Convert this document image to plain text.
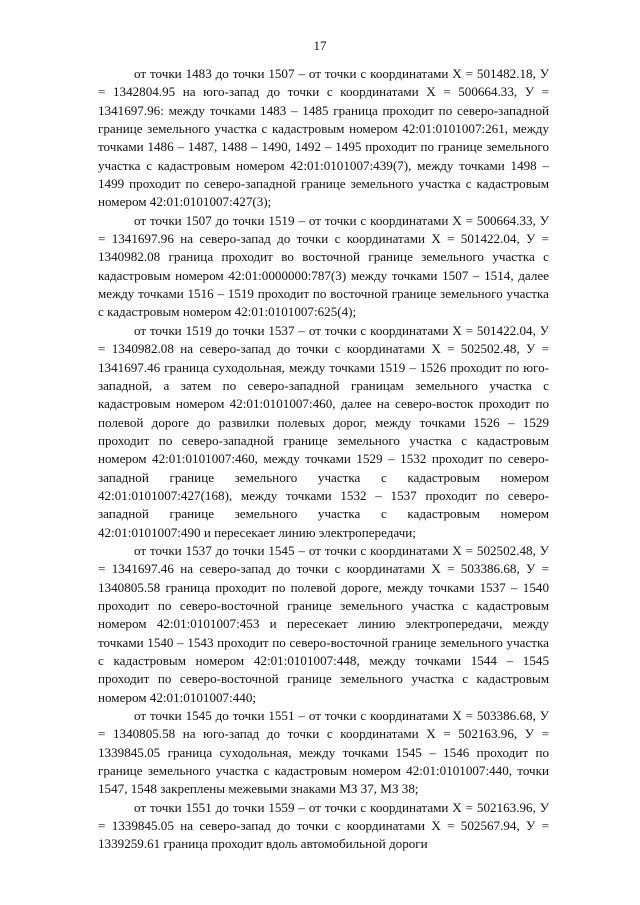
17

от точки 1483 до точки 1507 – от точки с координатами Х = 501482.18, У = 1342804.95 на юго-запад до точки с координатами Х = 500664.33, У = 1341697.96: между точками 1483 – 1485 граница проходит по северо-западной границе земельного участка с кадастровым номером 42:01:0101007:261, между точками 1486 – 1487, 1488 – 1490, 1492 – 1495 проходит по границе земельного участка с кадастровым номером 42:01:0101007:439(7), между точками 1498 – 1499 проходит по северо-западной границе земельного участка с кадастровым номером 42:01:0101007:427(3);

от точки 1507 до точки 1519 – от точки с координатами Х = 500664.33, У = 1341697.96 на северо-запад до точки с координатами Х = 501422.04, У = 1340982.08 граница проходит во восточной границе земельного участка с кадастровым номером 42:01:0000000:787(3) между точками 1507 – 1514, далее между точками 1516 – 1519 проходит по восточной границе земельного участка с кадастровым номером 42:01:0101007:625(4);

от точки 1519 до точки 1537 – от точки с координатами Х = 501422.04, У = 1340982.08 на северо-запад до точки с координатами Х = 502502.48, У = 1341697.46 граница суходольная, между точками 1519 – 1526 проходит по юго-западной, а затем по северо-западной границам земельного участка с кадастровым номером 42:01:0101007:460, далее на северо-восток проходит по полевой дороге до развилки полевых дорог, между точками 1526 – 1529 проходит по северо-западной границе земельного участка с кадастровым номером 42:01:0101007:460, между точками 1529 – 1532 проходит по северо-западной границе земельного участка с кадастровым номером 42:01:0101007:427(168), между точками 1532 – 1537 проходит по северо-западной границе земельного участка с кадастровым номером 42:01:0101007:490 и пересекает линию электропередачи;

от точки 1537 до точки 1545 – от точки с координатами Х = 502502.48, У = 1341697.46 на северо-запад до точки с координатами Х = 503386.68, У = 1340805.58 граница проходит по полевой дороге, между точками 1537 – 1540 проходит по северо-восточной границе земельного участка с кадастровым номером 42:01:0101007:453 и пересекает линию электропередачи, между точками 1540 – 1543 проходит по северо-восточной границе земельного участка с кадастровым номером 42:01:0101007:448, между точками 1544 – 1545 проходит по северо-восточной границе земельного участка с кадастровым номером 42:01:0101007:440;

от точки 1545 до точки 1551 – от точки с координатами Х = 503386.68, У = 1340805.58 на юго-запад до точки с координатами Х = 502163.96, У = 1339845.05 граница суходольная, между точками 1545 – 1546 проходит по границе земельного участка с кадастровым номером 42:01:0101007:440, точки 1547, 1548 закреплены межевыми знаками МЗ 37, МЗ 38;

от точки 1551 до точки 1559 – от точки с координатами Х = 502163.96, У = 1339845.05 на северо-запад до точки с координатами Х = 502567.94, У = 1339259.61 граница проходит вдоль автомобильной дороги
